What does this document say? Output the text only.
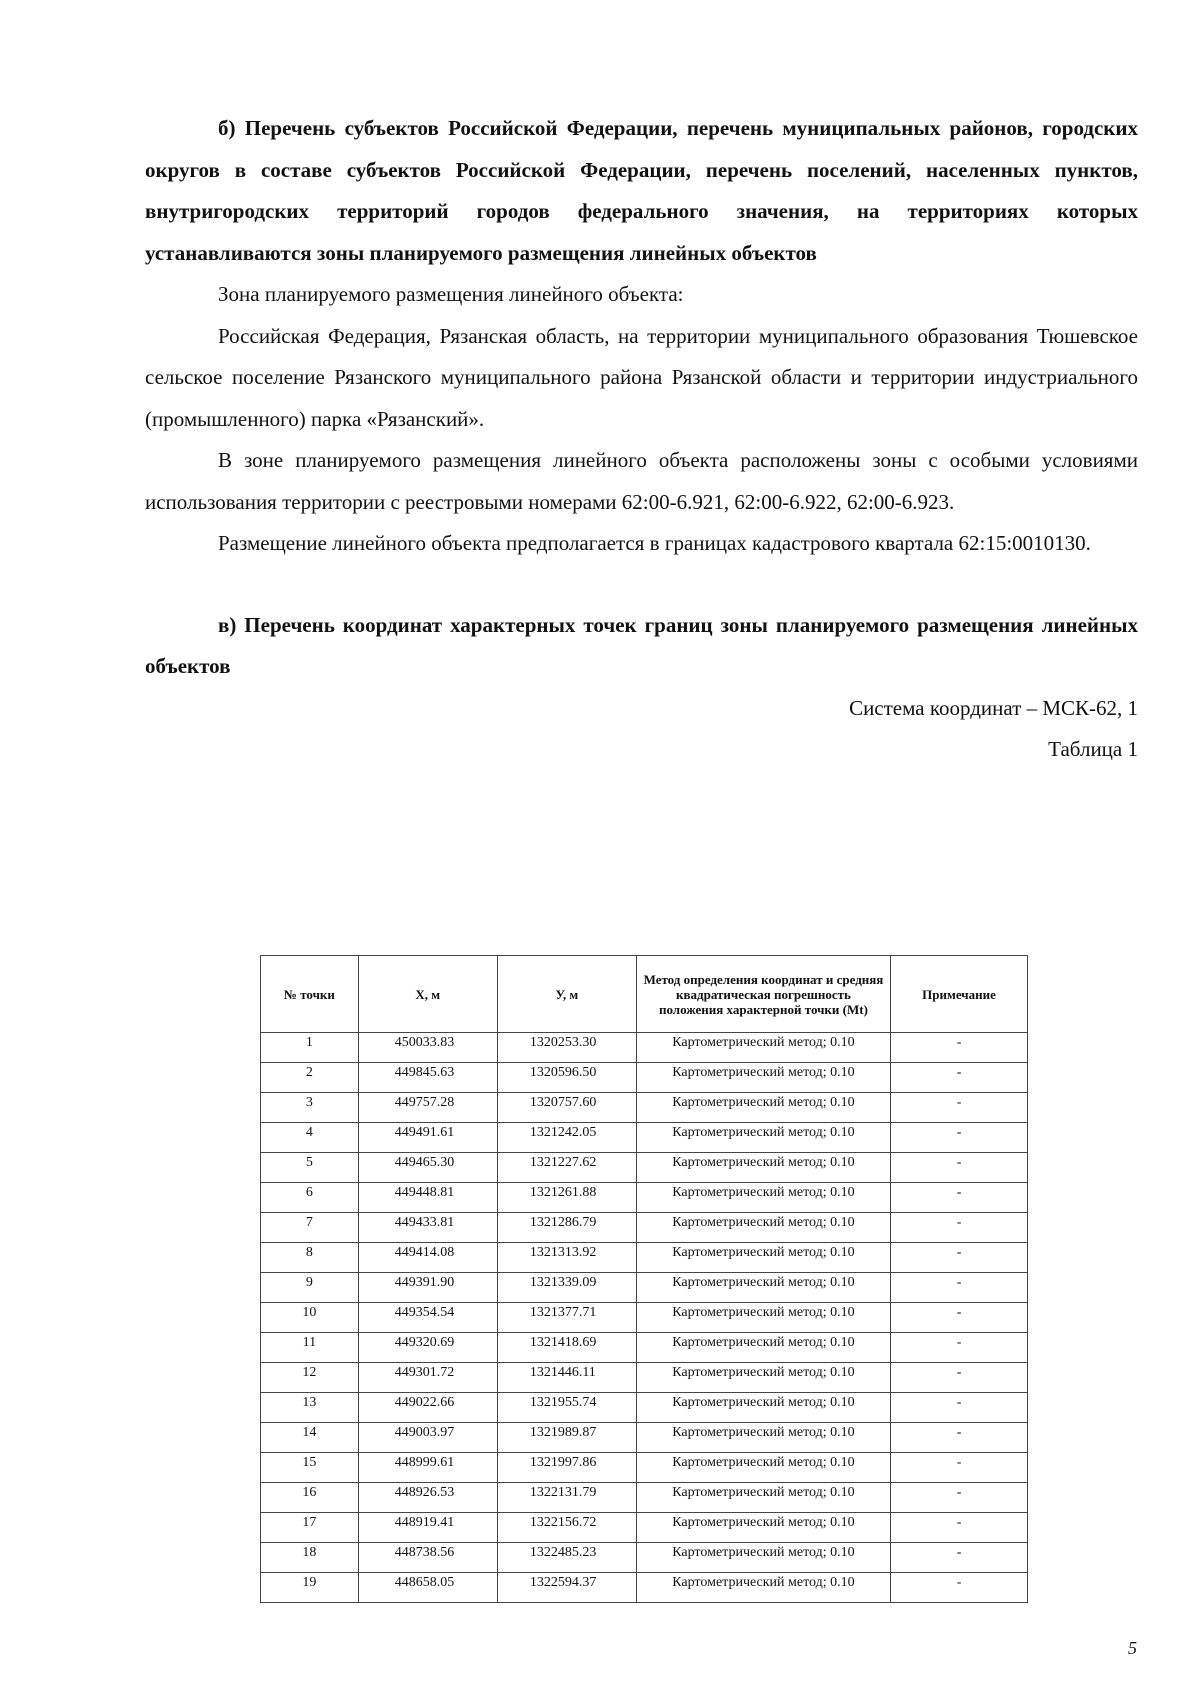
б) Перечень субъектов Российской Федерации, перечень муниципальных районов, городских округов в составе субъектов Российской Федерации, перечень поселений, населенных пунктов, внутригородских территорий городов федерального значения, на территориях которых устанавливаются зоны планируемого размещения линейных объектов

Зона планируемого размещения линейного объекта:

Российская Федерация, Рязанская область, на территории муниципального образования Тюшевское сельское поселение Рязанского муниципального района Рязанской области и территории индустриального (промышленного) парка «Рязанский».

В зоне планируемого размещения линейного объекта расположены зоны с особыми условиями использования территории с реестровыми номерами 62:00-6.921, 62:00-6.922, 62:00-6.923.

Размещение линейного объекта предполагается в границах кадастрового квартала 62:15:0010130.

в) Перечень координат характерных точек границ зоны планируемого размещения линейных объектов

Система координат – МСК-62, 1

Таблица 1

№ точки	Х, м	У, м	Метод определения координат и средняя квадратическая погрешность положения характерной точки (Mt)	Примечание
1	450033.83	1320253.30	Картометрический метод; 0.10	-
2	449845.63	1320596.50	Картометрический метод; 0.10	-
3	449757.28	1320757.60	Картометрический метод; 0.10	-
4	449491.61	1321242.05	Картометрический метод; 0.10	-
5	449465.30	1321227.62	Картометрический метод; 0.10	-
6	449448.81	1321261.88	Картометрический метод; 0.10	-
7	449433.81	1321286.79	Картометрический метод; 0.10	-
8	449414.08	1321313.92	Картометрический метод; 0.10	-
9	449391.90	1321339.09	Картометрический метод; 0.10	-
10	449354.54	1321377.71	Картометрический метод; 0.10	-
11	449320.69	1321418.69	Картометрический метод; 0.10	-
12	449301.72	1321446.11	Картометрический метод; 0.10	-
13	449022.66	1321955.74	Картометрический метод; 0.10	-
14	449003.97	1321989.87	Картометрический метод; 0.10	-
15	448999.61	1321997.86	Картометрический метод; 0.10	-
16	448926.53	1322131.79	Картометрический метод; 0.10	-
17	448919.41	1322156.72	Картометрический метод; 0.10	-
18	448738.56	1322485.23	Картометрический метод; 0.10	-
19	448658.05	1322594.37	Картометрический метод; 0.10	-
5
